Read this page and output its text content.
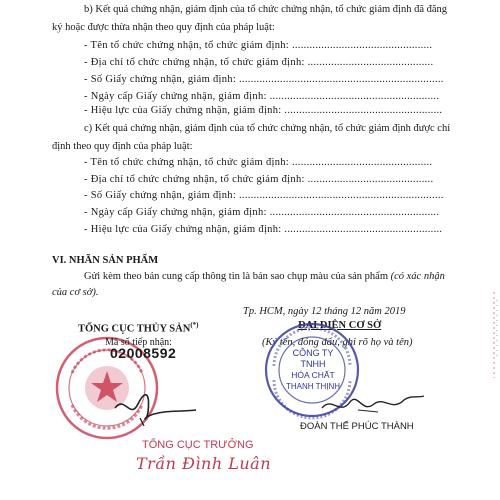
b) Kết quả chứng nhận, giám định của tổ chức chứng nhận, tổ chức giám định đã đăng
ký hoặc được thừa nhận theo quy định của pháp luật:
- Tên tổ chức chứng nhận, tổ chức giám định: ................................................
- Địa chỉ tổ chức chứng nhận, tổ chức giám định: ...........................................
- Số Giấy chứng nhận, giám định: ......................................................................
- Ngày cấp Giấy chứng nhận, giám định: ..........................................................
- Hiệu lực của Giấy chứng nhận, giám định: ......................................................
c) Kết quả chứng nhận, giám định của tổ chức chứng nhận, tổ chức giám định được chỉ
định theo quy định của pháp luật:
- Tên tổ chức chứng nhận, tổ chức giám định: ................................................
- Địa chỉ tổ chức chứng nhận, tổ chức giám định: ...........................................
- Số Giấy chứng nhận, giám định: ......................................................................
- Ngày cấp Giấy chứng nhận, giám định: ..........................................................
- Hiệu lực của Giấy chứng nhận, giám định: ......................................................
VI. NHÃN SẢN PHẨM
Gửi kèm theo bản cung cấp thông tin là bản sao chụp màu của sản phẩm (có xác nhận
của cơ sở).
Tp. HCM, ngày 12 tháng 12 năm 2019
TỔNG CỤC THỦY SẢN(*)	ĐẠI DIỆN CƠ SỞ
(Ký tên, đóng dấu, ghi rõ họ và tên)
Mã số tiếp nhận:
02008592
TỔNG CỤC TRƯỞNG
Trần Đình Luân
CÔNG TY
TNHH
HÓA CHẤT
THANH THỊNH
ĐOÀN THẾ PHÚC THÀNH
